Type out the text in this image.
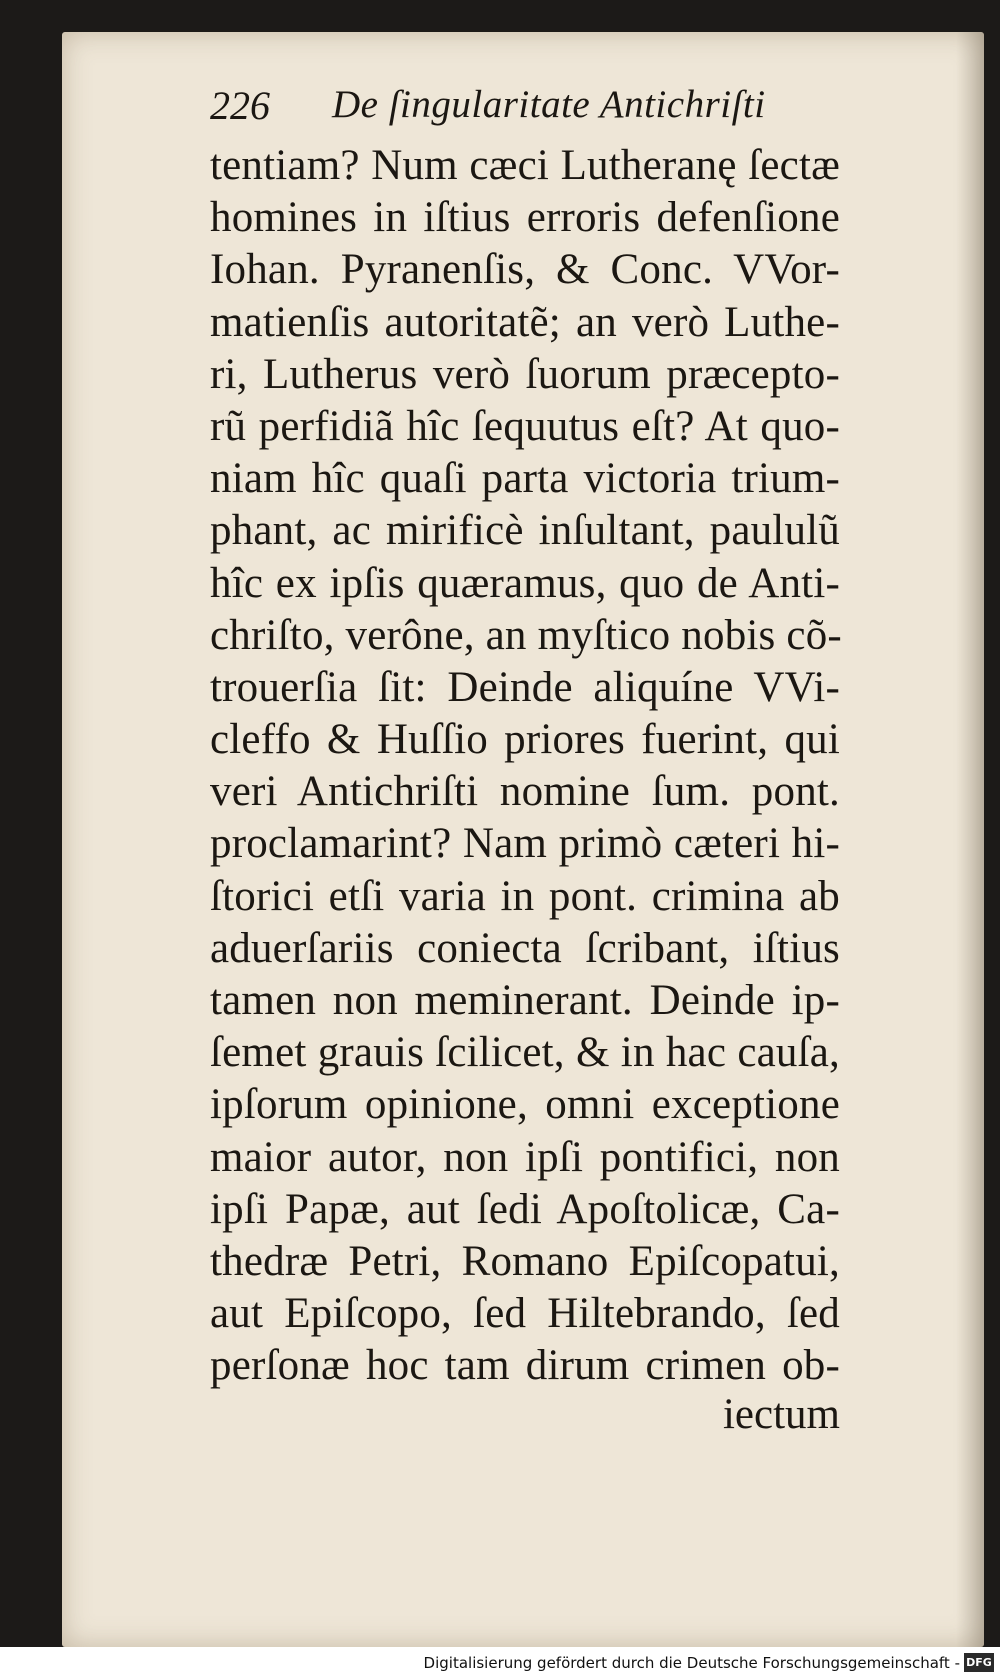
226 De ſingularitate Antichriſti
tentiam? Num cæci Lutheranę ſectæ
homines in iſtius erroris defenſione
Iohan. Pyranenſis, & Conc. VVor-
matienſis autoritatẽ; an verò Luthe-
ri, Lutherus verò ſuorum præcepto-
rũ perfidiã hîc ſequutus eſt? At quo-
niam hîc quaſi parta victoria trium-
phant, ac mirificè inſultant, paululũ
hîc ex ipſis quæramus, quo de Anti-
chriſto, verône, an myſtico nobis cõ-
trouerſia ſit: Deinde aliquíne VVi-
cleffo & Huſſio priores fuerint, qui
veri Antichriſti nomine ſum. pont.
proclamarint? Nam primò cæteri hi-
ſtorici etſi varia in pont. crimina ab
aduerſariis coniecta ſcribant, iſtius
tamen non meminerant. Deinde ip-
ſemet grauis ſcilicet, & in hac cauſa,
ipſorum opinione, omni exceptione
maior autor, non ipſi pontifici, non
ipſi Papæ, aut ſedi Apoſtolicæ, Ca-
thedræ Petri, Romano Epiſcopatui,
aut Epiſcopo, ſed Hiltebrando, ſed
perſonæ hoc tam dirum crimen ob-
iectum
Digitalisierung gefördert durch die Deutsche Forschungsgemeinschaft - DFG
